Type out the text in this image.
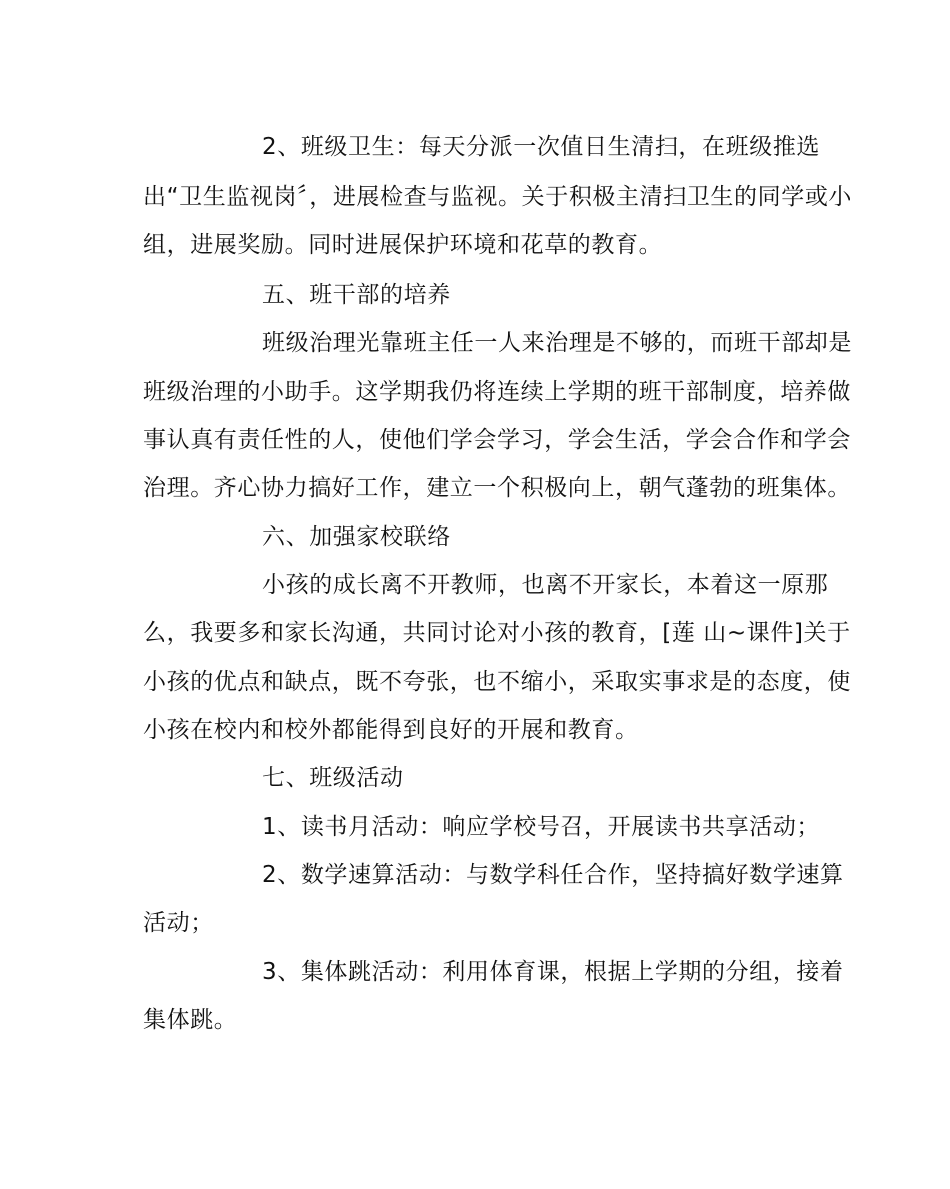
2、班级卫生：每天分派一次值日生清扫，在班级推选
出“卫生监视岗〞，进展检查与监视。关于积极主清扫卫生的同学或小
组，进展奖励。同时进展保护环境和花草的教育。
五、班干部的培养
班级治理光靠班主任一人来治理是不够的，而班干部却是
班级治理的小助手。这学期我仍将连续上学期的班干部制度，培养做
事认真有责任性的人，使他们学会学习，学会生活，学会合作和学会
治理。齐心协力搞好工作，建立一个积极向上，朝气蓬勃的班集体。
六、加强家校联络
小孩的成长离不开教师，也离不开家长，本着这一原那
么，我要多和家长沟通，共同讨论对小孩的教育，[莲 山~课件]关于
小孩的优点和缺点，既不夸张，也不缩小，采取实事求是的态度，使
小孩在校内和校外都能得到良好的开展和教育。
七、班级活动
1、读书月活动：响应学校号召，开展读书共享活动；
2、数学速算活动：与数学科任合作，坚持搞好数学速算
活动；
3、集体跳活动：利用体育课，根据上学期的分组，接着
集体跳。
